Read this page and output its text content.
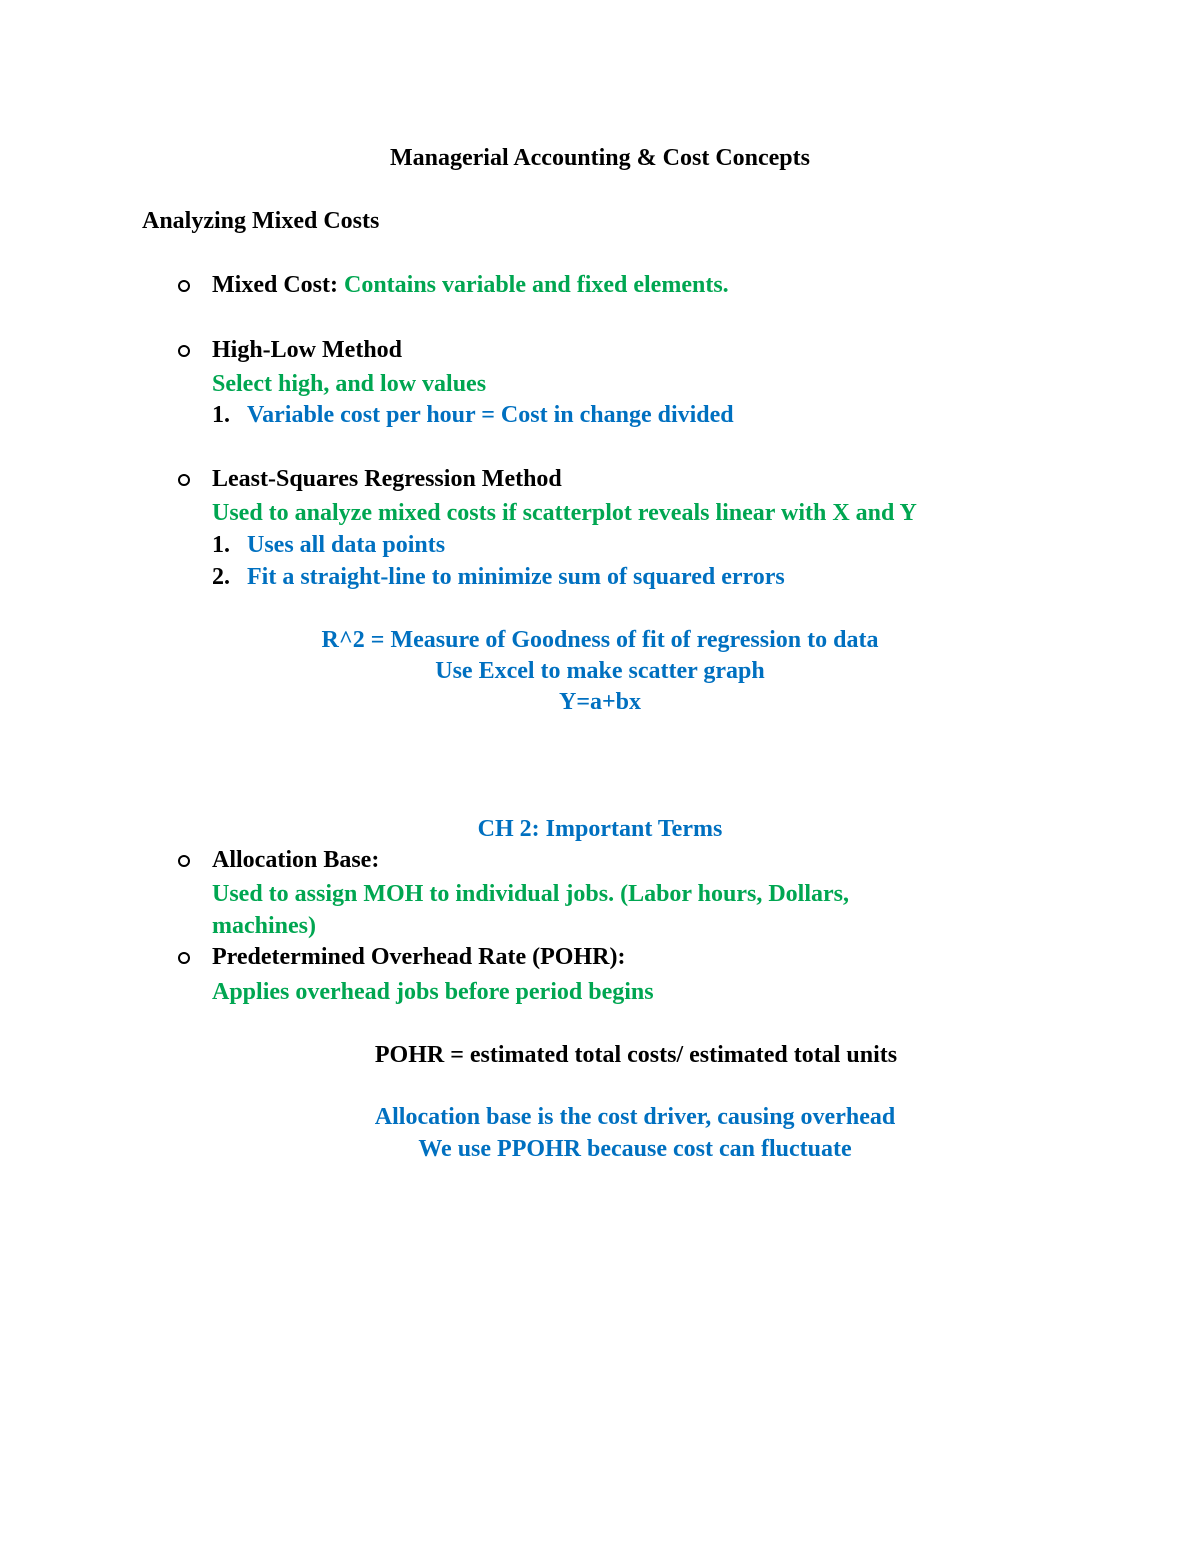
Managerial Accounting & Cost Concepts
Analyzing Mixed Costs
Mixed Cost: Contains variable and fixed elements.
High-Low Method
Select high, and low values
1. Variable cost per hour = Cost in change divided
Least-Squares Regression Method
Used to analyze mixed costs if scatterplot reveals linear with X and Y
1. Uses all data points
2. Fit a straight-line to minimize sum of squared errors
R^2 = Measure of Goodness of fit of regression to data
Use Excel to make scatter graph
Y=a+bx
CH 2: Important Terms
Allocation Base:
Used to assign MOH to individual jobs. (Labor hours, Dollars,
machines)
Predetermined Overhead Rate (POHR):
Applies overhead jobs before period begins
POHR = estimated total costs/ estimated total units
Allocation base is the cost driver, causing overhead
We use PPOHR because cost can fluctuate
